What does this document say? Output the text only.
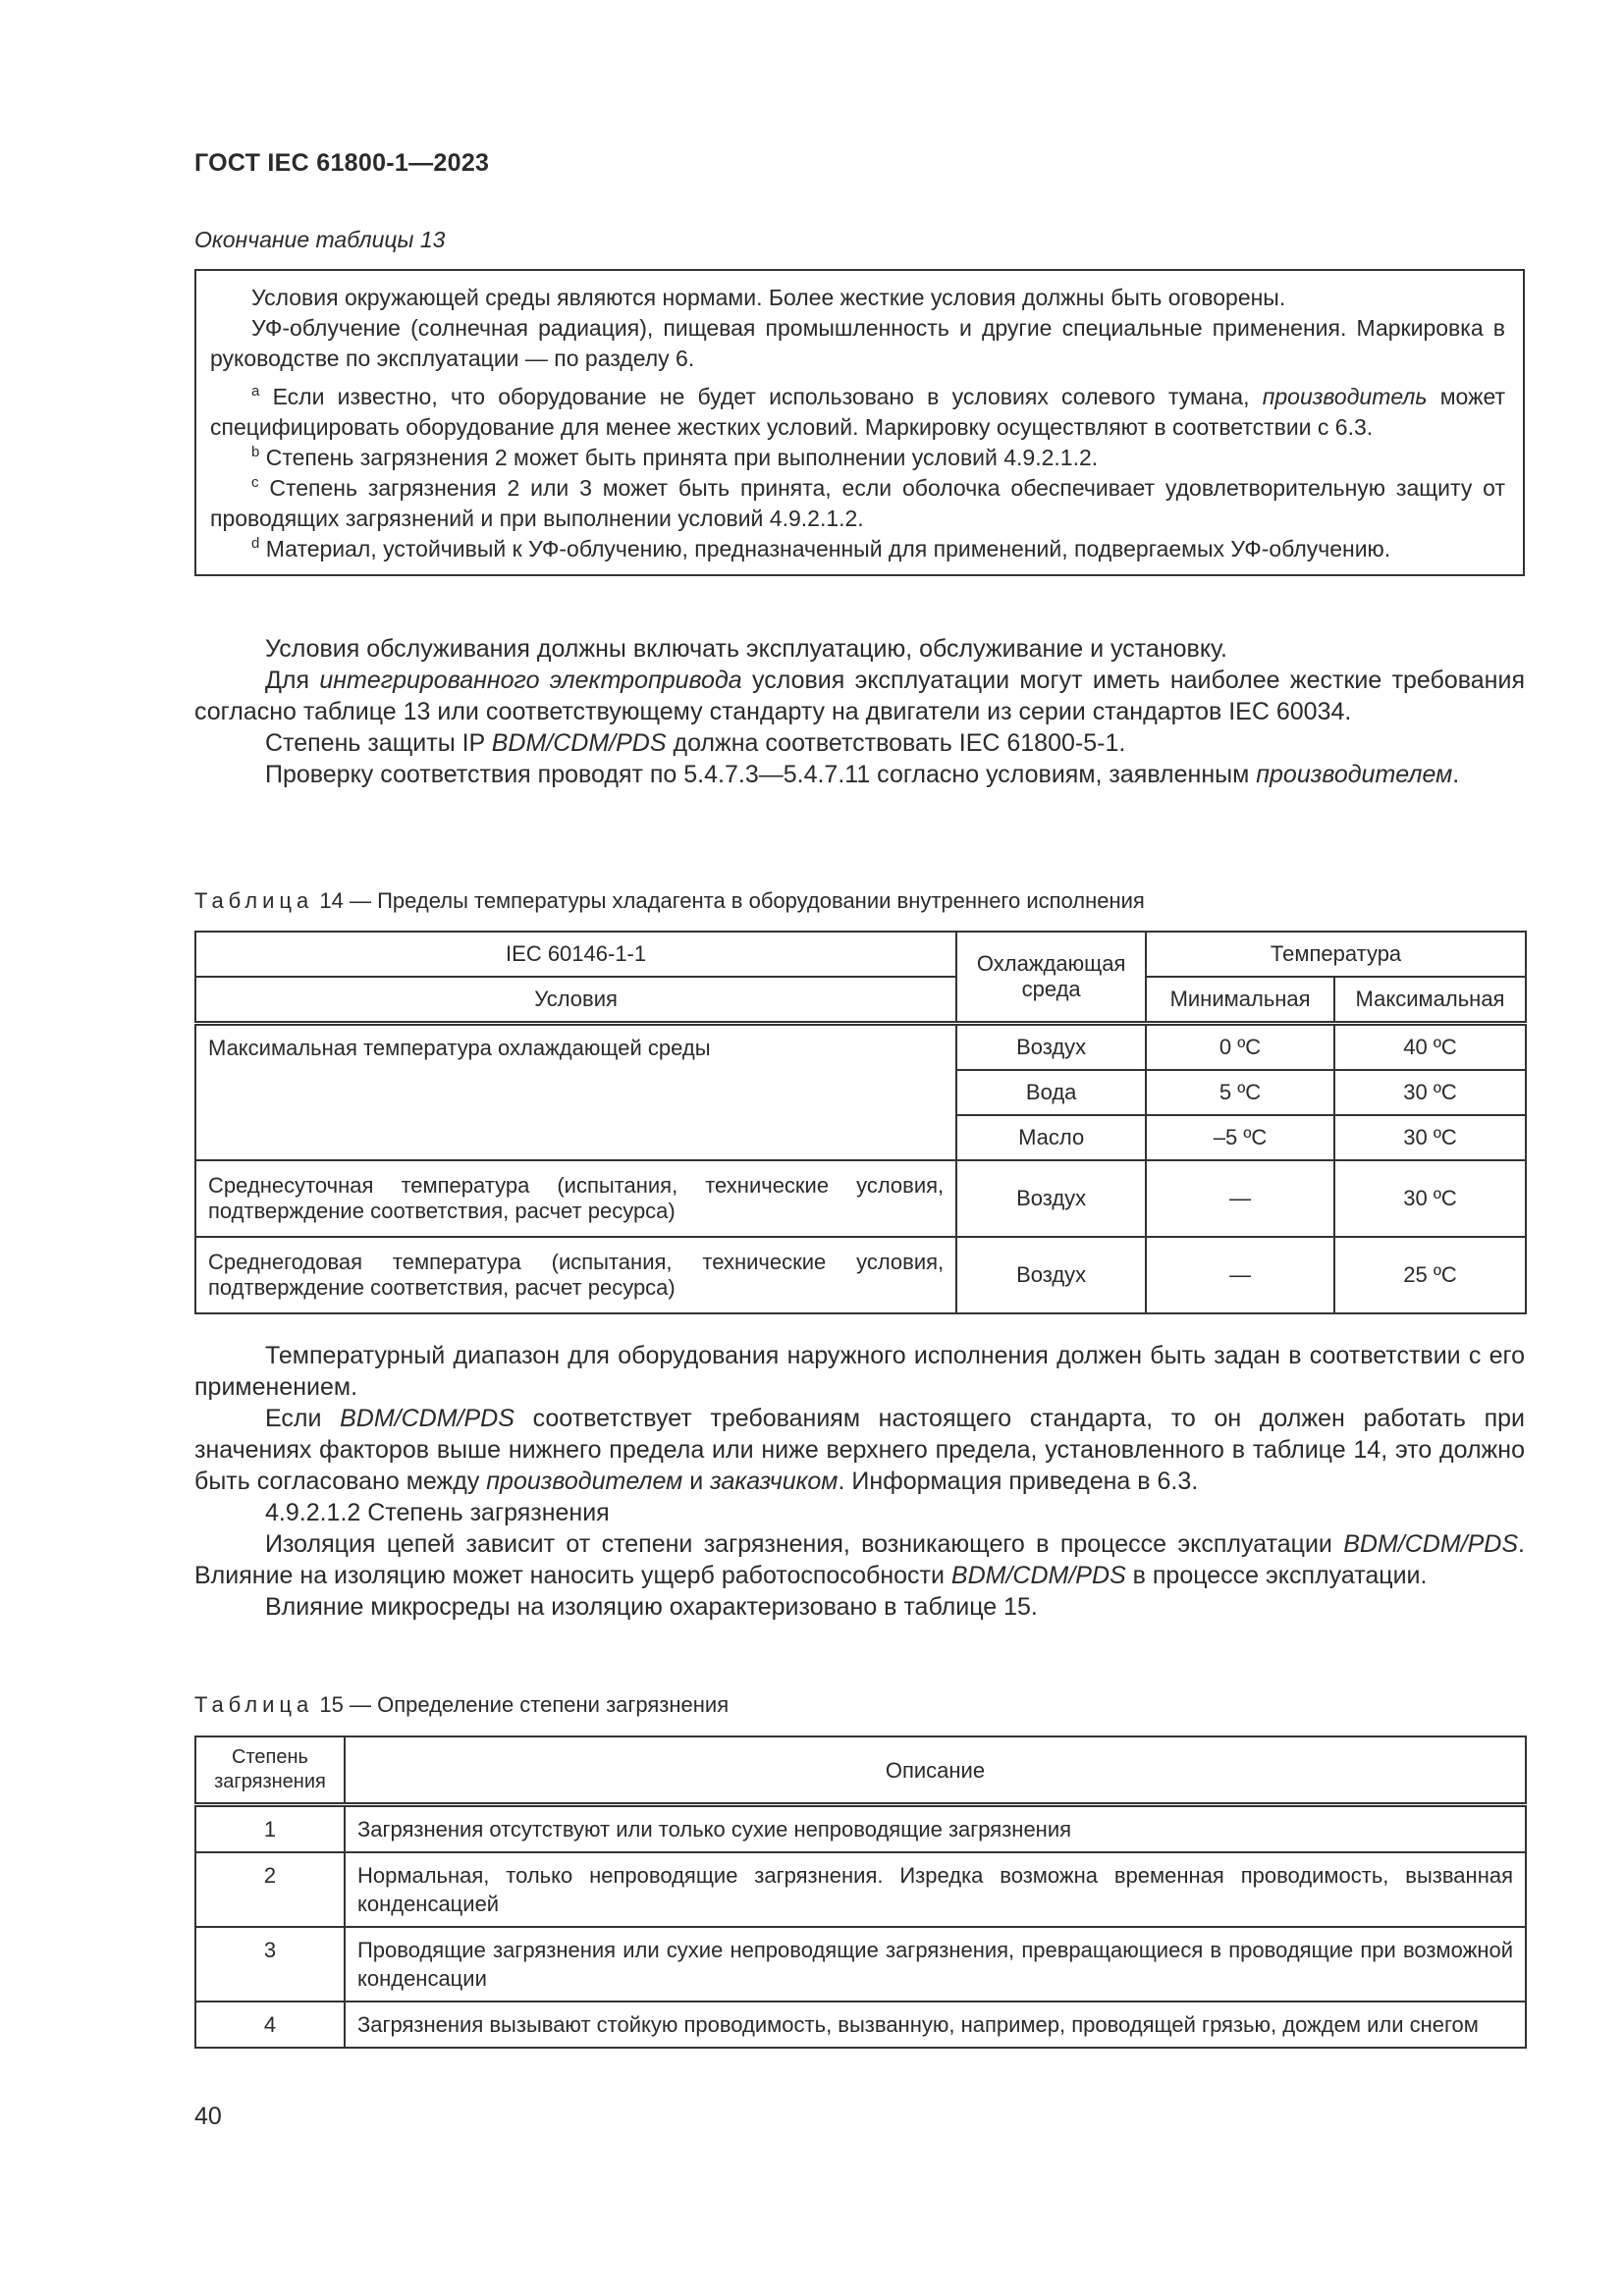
ГОСТ IEC 61800-1—2023
Окончание таблицы 13

Условия окружающей среды являются нормами. Более жесткие условия должны быть оговорены.

УФ-облучение (солнечная радиация), пищевая промышленность и другие специальные применения. Маркировка в руководстве по эксплуатации — по разделу 6.

$^a$ Если известно, что оборудование не будет использовано в условиях солевого тумана, производитель может специфицировать оборудование для менее жестких условий. Маркировку осуществляют в соответствии с 6.3.

$^b$ Степень загрязнения 2 может быть принята при выполнении условий 4.9.2.1.2.

$^c$ Степень загрязнения 2 или 3 может быть принята, если оболочка обеспечивает удовлетворительную защиту от проводящих загрязнений и при выполнении условий 4.9.2.1.2.

$^d$ Материал, устойчивый к УФ-облучению, предназначенный для применений, подвергаемых УФ-облучению.

Условия обслуживания должны включать эксплуатацию, обслуживание и установку.

Для интегрированного электропривода условия эксплуатации могут иметь наиболее жесткие требования согласно таблице 13 или соответствующему стандарту на двигатели из серии стандартов IEC 60034.

Степень защиты IP BDM/CDM/PDS должна соответствовать IEC 61800-5-1.

Проверку соответствия проводят по 5.4.7.3—5.4.7.11 согласно условиям, заявленным производителем.

Таблица 14 — Пределы температуры хладагента в оборудовании внутреннего исполнения
IEC 60146-1-1	Охлаждающая среда	Температура	
Условия		Минимальная	Максимальная
Максимальная температура охлаждающей среды	Воздух	0 ºС	40 ºС
	Вода	5 ºС	30 ºС
	Масло	–5 ºС	30 ºС
Среднесуточная температура (испытания, технические условия, подтверждение соответствия, расчет ресурса)	Воздух	—	30 ºС
Среднегодовая температура (испытания, технические условия, подтверждение соответствия, расчет ресурса)	Воздух	—	25 ºС

Температурный диапазон для оборудования наружного исполнения должен быть задан в соответствии с его применением.

Если BDM/CDM/PDS соответствует требованиям настоящего стандарта, то он должен работать при значениях факторов выше нижнего предела или ниже верхнего предела, установленного в таблице 14, это должно быть согласовано между производителем и заказчиком. Информация приведена в 6.3.

4.9.2.1.2 Степень загрязнения

Изоляция цепей зависит от степени загрязнения, возникающего в процессе эксплуатации BDM/CDM/PDS. Влияние на изоляцию может наносить ущерб работоспособности BDM/CDM/PDS в процессе эксплуатации.

Влияние микросреды на изоляцию охарактеризовано в таблице 15.

Таблица 15 — Определение степени загрязнения
Степень загрязнения	Описание
1	Загрязнения отсутствуют или только сухие непроводящие загрязнения
2	Нормальная, только непроводящие загрязнения. Изредка возможна временная проводимость, вызванная конденсацией
3	Проводящие загрязнения или сухие непроводящие загрязнения, превращающиеся в проводящие при возможной конденсации
4	Загрязнения вызывают стойкую проводимость, вызванную, например, проводящей грязью, дождем или снегом
40
